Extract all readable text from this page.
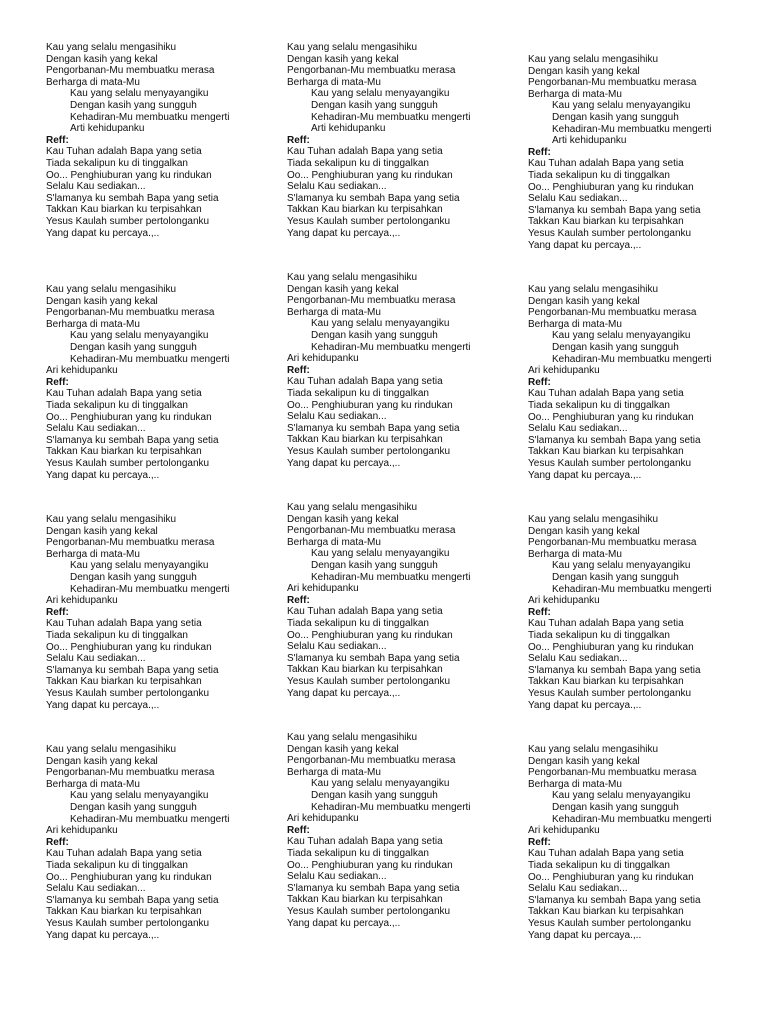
Kau yang selalu mengasihiku
Dengan kasih yang kekal
Pengorbanan-Mu membuatku merasa
Berharga di mata-Mu
Kau yang selalu menyayangiku
Dengan kasih yang sungguh
Kehadiran-Mu membuatku mengerti
Arti kehidupanku
Reff:
Kau Tuhan adalah Bapa yang setia
Tiada sekalipun ku di tinggalkan
Oo... Penghiuburan yang ku rindukan
Selalu Kau sediakan...
S'lamanya ku sembah Bapa yang setia
Takkan Kau biarkan ku terpisahkan
Yesus Kaulah sumber pertolonganku
Yang dapat ku percaya.,..
Kau yang selalu mengasihiku
Dengan kasih yang kekal
Pengorbanan-Mu membuatku merasa
Berharga di mata-Mu
Kau yang selalu menyayangiku
Dengan kasih yang sungguh
Kehadiran-Mu membuatku mengerti
Arti kehidupanku
Reff:
Kau Tuhan adalah Bapa yang setia
Tiada sekalipun ku di tinggalkan
Oo... Penghiuburan yang ku rindukan
Selalu Kau sediakan...
S'lamanya ku sembah Bapa yang setia
Takkan Kau biarkan ku terpisahkan
Yesus Kaulah sumber pertolonganku
Yang dapat ku percaya.,..
Kau yang selalu mengasihiku
Dengan kasih yang kekal
Pengorbanan-Mu membuatku merasa
Berharga di mata-Mu
Kau yang selalu menyayangiku
Dengan kasih yang sungguh
Kehadiran-Mu membuatku mengerti
Arti kehidupanku
Reff:
Kau Tuhan adalah Bapa yang setia
Tiada sekalipun ku di tinggalkan
Oo... Penghiuburan yang ku rindukan
Selalu Kau sediakan...
S'lamanya ku sembah Bapa yang setia
Takkan Kau biarkan ku terpisahkan
Yesus Kaulah sumber pertolonganku
Yang dapat ku percaya.,..
Kau yang selalu mengasihiku
Dengan kasih yang kekal
Pengorbanan-Mu membuatku merasa
Berharga di mata-Mu
Kau yang selalu menyayangiku
Dengan kasih yang sungguh
Kehadiran-Mu membuatku mengerti
Ari kehidupanku
Reff:
Kau Tuhan adalah Bapa yang setia
Tiada sekalipun ku di tinggalkan
Oo... Penghiuburan yang ku rindukan
Selalu Kau sediakan...
S'lamanya ku sembah Bapa yang setia
Takkan Kau biarkan ku terpisahkan
Yesus Kaulah sumber pertolonganku
Yang dapat ku percaya.,..
Kau yang selalu mengasihiku
Dengan kasih yang kekal
Pengorbanan-Mu membuatku merasa
Berharga di mata-Mu
Kau yang selalu menyayangiku
Dengan kasih yang sungguh
Kehadiran-Mu membuatku mengerti
Ari kehidupanku
Reff:
Kau Tuhan adalah Bapa yang setia
Tiada sekalipun ku di tinggalkan
Oo... Penghiuburan yang ku rindukan
Selalu Kau sediakan...
S'lamanya ku sembah Bapa yang setia
Takkan Kau biarkan ku terpisahkan
Yesus Kaulah sumber pertolonganku
Yang dapat ku percaya.,..
Kau yang selalu mengasihiku
Dengan kasih yang kekal
Pengorbanan-Mu membuatku merasa
Berharga di mata-Mu
Kau yang selalu menyayangiku
Dengan kasih yang sungguh
Kehadiran-Mu membuatku mengerti
Ari kehidupanku
Reff:
Kau Tuhan adalah Bapa yang setia
Tiada sekalipun ku di tinggalkan
Oo... Penghiuburan yang ku rindukan
Selalu Kau sediakan...
S'lamanya ku sembah Bapa yang setia
Takkan Kau biarkan ku terpisahkan
Yesus Kaulah sumber pertolonganku
Yang dapat ku percaya.,..
Kau yang selalu mengasihiku
Dengan kasih yang kekal
Pengorbanan-Mu membuatku merasa
Berharga di mata-Mu
Kau yang selalu menyayangiku
Dengan kasih yang sungguh
Kehadiran-Mu membuatku mengerti
Ari kehidupanku
Reff:
Kau Tuhan adalah Bapa yang setia
Tiada sekalipun ku di tinggalkan
Oo... Penghiuburan yang ku rindukan
Selalu Kau sediakan...
S'lamanya ku sembah Bapa yang setia
Takkan Kau biarkan ku terpisahkan
Yesus Kaulah sumber pertolonganku
Yang dapat ku percaya.,..
Kau yang selalu mengasihiku
Dengan kasih yang kekal
Pengorbanan-Mu membuatku merasa
Berharga di mata-Mu
Kau yang selalu menyayangiku
Dengan kasih yang sungguh
Kehadiran-Mu membuatku mengerti
Ari kehidupanku
Reff:
Kau Tuhan adalah Bapa yang setia
Tiada sekalipun ku di tinggalkan
Oo... Penghiuburan yang ku rindukan
Selalu Kau sediakan...
S'lamanya ku sembah Bapa yang setia
Takkan Kau biarkan ku terpisahkan
Yesus Kaulah sumber pertolonganku
Yang dapat ku percaya.,..
Kau yang selalu mengasihiku
Dengan kasih yang kekal
Pengorbanan-Mu membuatku merasa
Berharga di mata-Mu
Kau yang selalu menyayangiku
Dengan kasih yang sungguh
Kehadiran-Mu membuatku mengerti
Ari kehidupanku
Reff:
Kau Tuhan adalah Bapa yang setia
Tiada sekalipun ku di tinggalkan
Oo... Penghiuburan yang ku rindukan
Selalu Kau sediakan...
S'lamanya ku sembah Bapa yang setia
Takkan Kau biarkan ku terpisahkan
Yesus Kaulah sumber pertolonganku
Yang dapat ku percaya.,..
Kau yang selalu mengasihiku
Dengan kasih yang kekal
Pengorbanan-Mu membuatku merasa
Berharga di mata-Mu
Kau yang selalu menyayangiku
Dengan kasih yang sungguh
Kehadiran-Mu membuatku mengerti
Ari kehidupanku
Reff:
Kau Tuhan adalah Bapa yang setia
Tiada sekalipun ku di tinggalkan
Oo... Penghiuburan yang ku rindukan
Selalu Kau sediakan...
S'lamanya ku sembah Bapa yang setia
Takkan Kau biarkan ku terpisahkan
Yesus Kaulah sumber pertolonganku
Yang dapat ku percaya.,..
Kau yang selalu mengasihiku
Dengan kasih yang kekal
Pengorbanan-Mu membuatku merasa
Berharga di mata-Mu
Kau yang selalu menyayangiku
Dengan kasih yang sungguh
Kehadiran-Mu membuatku mengerti
Ari kehidupanku
Reff:
Kau Tuhan adalah Bapa yang setia
Tiada sekalipun ku di tinggalkan
Oo... Penghiuburan yang ku rindukan
Selalu Kau sediakan...
S'lamanya ku sembah Bapa yang setia
Takkan Kau biarkan ku terpisahkan
Yesus Kaulah sumber pertolonganku
Yang dapat ku percaya.,..
Kau yang selalu mengasihiku
Dengan kasih yang kekal
Pengorbanan-Mu membuatku merasa
Berharga di mata-Mu
Kau yang selalu menyayangiku
Dengan kasih yang sungguh
Kehadiran-Mu membuatku mengerti
Ari kehidupanku
Reff:
Kau Tuhan adalah Bapa yang setia
Tiada sekalipun ku di tinggalkan
Oo... Penghiuburan yang ku rindukan
Selalu Kau sediakan...
S'lamanya ku sembah Bapa yang setia
Takkan Kau biarkan ku terpisahkan
Yesus Kaulah sumber pertolonganku
Yang dapat ku percaya.,..
